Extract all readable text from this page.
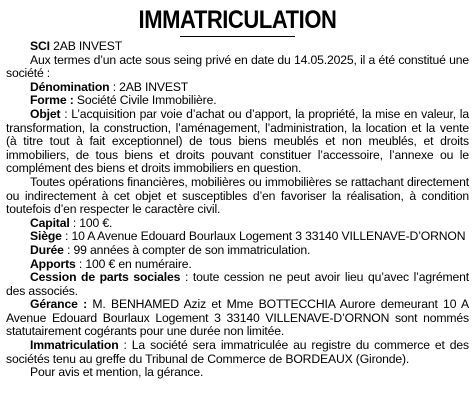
IMMATRICULATION

SCI 2AB INVEST

Aux termes d’un acte sous seing privé en date du 14.05.2025, il a été constitué une société :

Dénomination : 2AB INVEST

Forme : Société Civile Immobilière.

Objet : L’acquisition par voie d’achat ou d’apport, la propriété, la mise en valeur, la transformation, la construction, l’aménagement, l’administration, la location et la vente (à titre tout à fait exceptionnel) de tous biens meublés et non meublés, et droits immobiliers, de tous biens et droits pouvant constituer l’accessoire, l’annexe ou le complément des biens et droits immobiliers en question.

Toutes opérations financières, mobilières ou immobilières se rattachant directement ou indirectement à cet objet et susceptibles d’en favoriser la réalisation, à condition toutefois d’en respecter le caractère civil.

Capital : 100 €.

Siège : 10 A Avenue Edouard Bourlaux Logement 3 33140 VILLENAVE-D’ORNON

Durée : 99 années à compter de son immatriculation.

Apports : 100 € en numéraire.

Cession de parts sociales : toute cession ne peut avoir lieu qu’avec l’agrément des associés.

Gérance : M. BENHAMED Aziz et Mme BOTTECCHIA Aurore demeurant 10 A Avenue Edouard Bourlaux Logement 3 33140 VILLENAVE-D’ORNON sont nommés statutairement cogérants pour une durée non limitée.

Immatriculation : La société sera immatriculée au registre du commerce et des sociétés tenu au greffe du Tribunal de Commerce de BORDEAUX (Gironde).

Pour avis et mention, la gérance.
